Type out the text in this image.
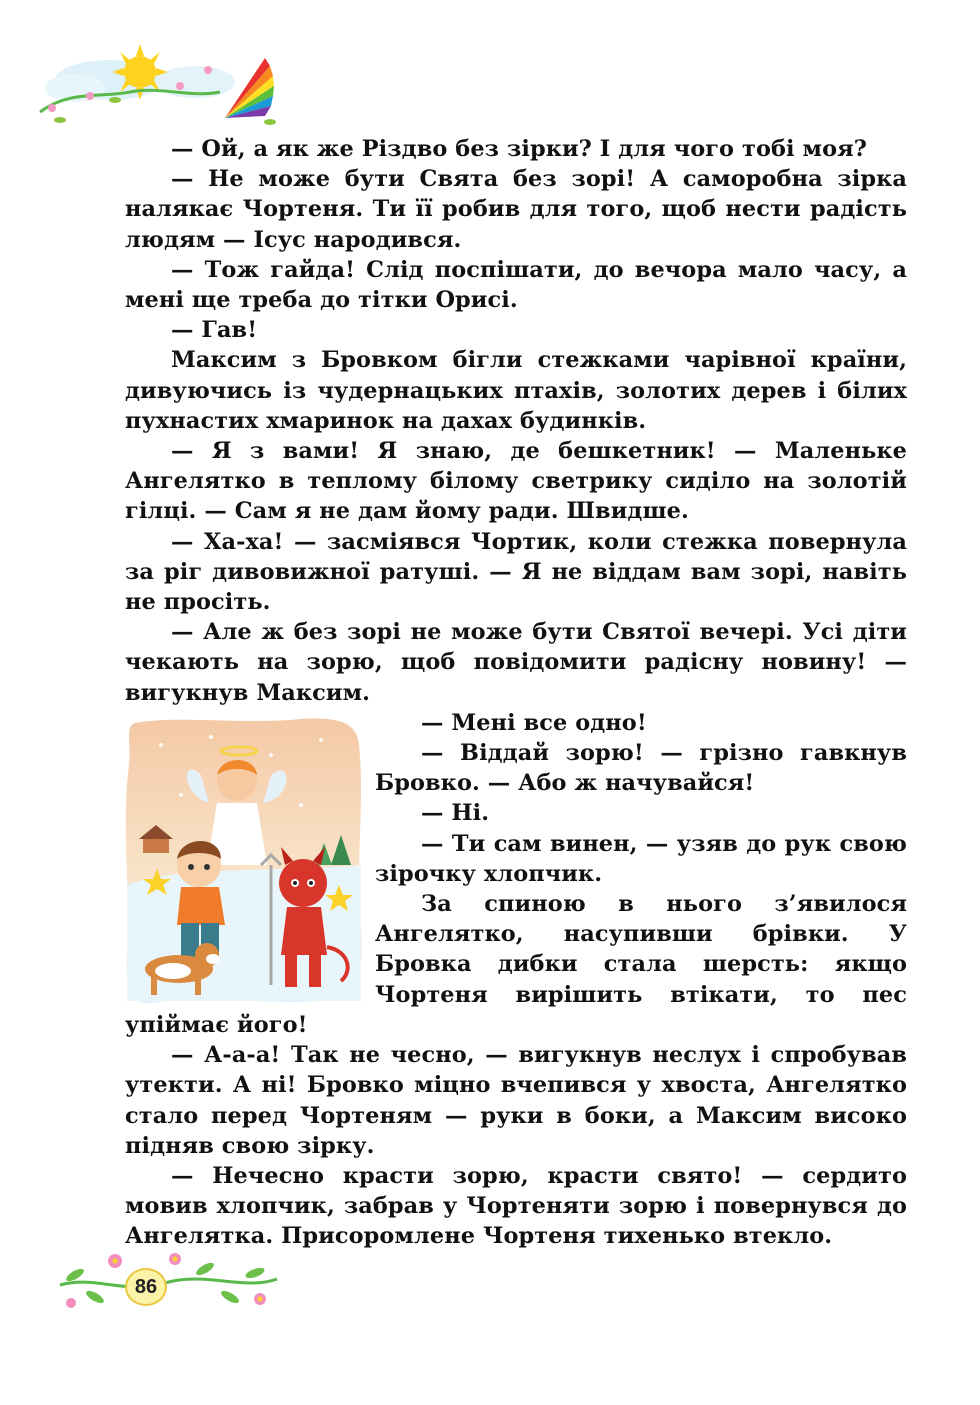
— Ой, а як же Різдво без зірки? І для чого тобі моя?

— Не може бути Свята без зорі! А саморобна зірка налякає Чортеня. Ти її робив для того, щоб нести радість людям — Ісус народився.

— Тож гайда! Слід поспішати, до вечора мало часу, а мені ще треба до тітки Орисі.

— Гав!

Максим з Бровком бігли стежками чарівної країни, дивуючись із чудернацьких птахів, золотих дерев і білих пухнастих хмаринок на дахах будинків.

— Я з вами! Я знаю, де бешкетник! — Маленьке Ангелятко в теплому білому светрику сиділо на золотій гілці. — Сам я не дам йому ради. Швидше.

— Ха-ха! — засміявся Чортик, коли стежка повернула за ріг дивовижної ратуші. — Я не віддам вам зорі, навіть не просіть.

— Але ж без зорі не може бути Святої вечері. Усі діти чекають на зорю, щоб повідомити радісну новину! — вигукнув Максим.

— Мені все одно!

— Віддай зорю! — грізно гавкнув Бровко. — Або ж начувайся!

— Ні.

— Ти сам винен, — узяв до рук свою зірочку хлопчик.

За спиною в нього з’явилося Ангелятко, насупивши брівки. У Бровка дибки стала шерсть: якщо Чортеня вирішить втікати, то пес упіймає його!

— А-а-а! Так не чесно, — вигукнув неслух і спробував утекти. А ні! Бровко міцно вчепився у хвоста, Ангелятко стало перед Чортеням — руки в боки, а Максим високо підняв свою зірку.

— Нечесно красти зорю, красти свято! — сердито мовив хлопчик, забрав у Чортеняти зорю і повернувся до Ангелятка. Присоромлене Чортеня тихенько втекло.

86
